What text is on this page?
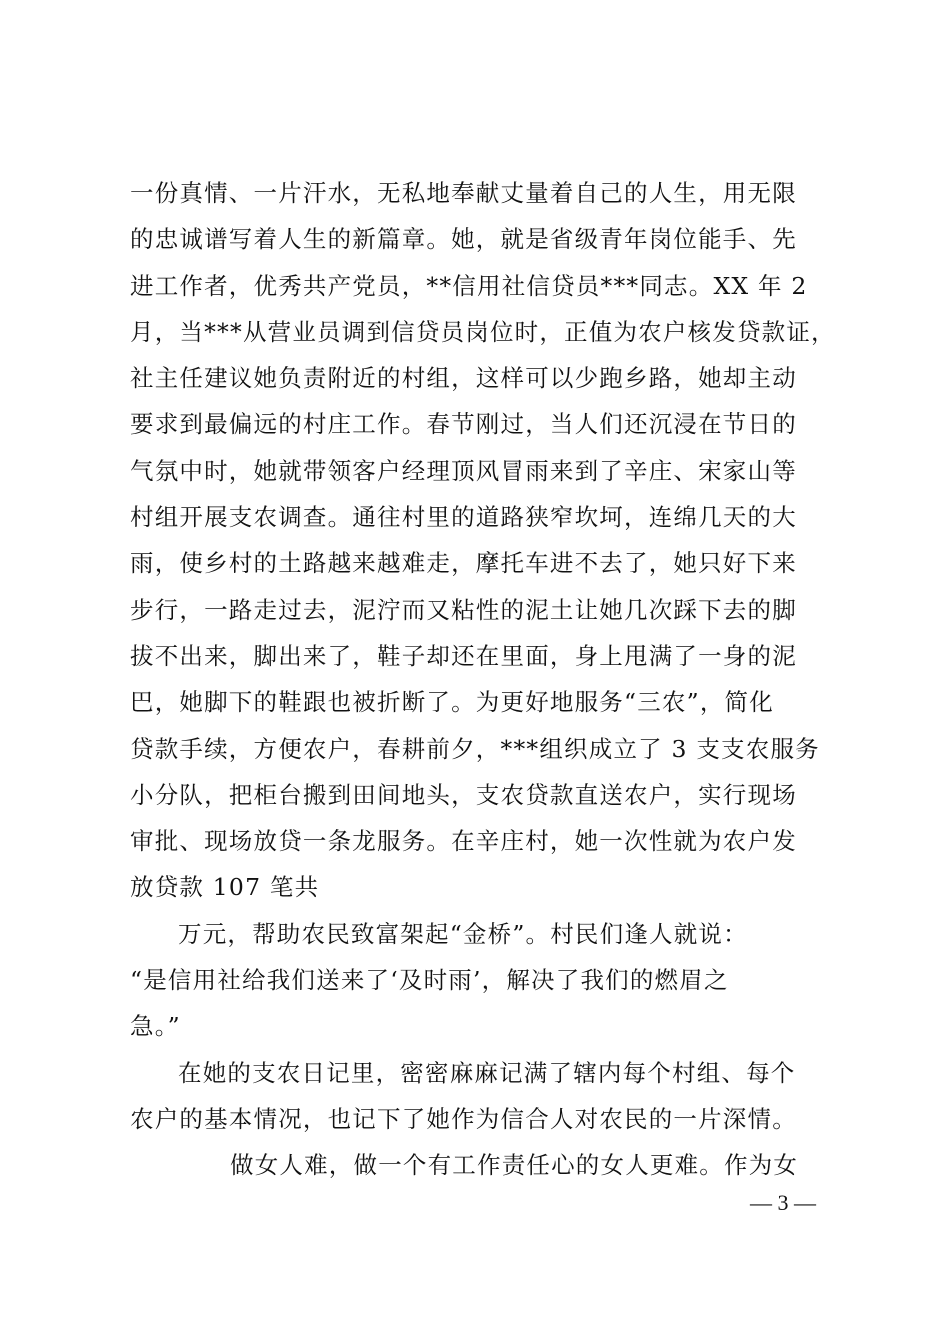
一份真情、一片汗水，无私地奉献丈量着自己的人生，用无限
的忠诚谱写着人生的新篇章。她，就是省级青年岗位能手、先
进工作者，优秀共产党员，**信用社信贷员***同志。XX 年 2
月，当***从营业员调到信贷员岗位时，正值为农户核发贷款证，
社主任建议她负责附近的村组，这样可以少跑乡路，她却主动
要求到最偏远的村庄工作。春节刚过，当人们还沉浸在节日的
气氛中时，她就带领客户经理顶风冒雨来到了辛庄、宋家山等
村组开展支农调查。通往村里的道路狭窄坎坷，连绵几天的大
雨，使乡村的土路越来越难走，摩托车进不去了，她只好下来
步行，一路走过去，泥泞而又粘性的泥土让她几次踩下去的脚
拔不出来，脚出来了，鞋子却还在里面，身上甩满了一身的泥
巴，她脚下的鞋跟也被折断了。为更好地服务“三农”，简化
贷款手续，方便农户，春耕前夕，***组织成立了 3 支支农服务
小分队，把柜台搬到田间地头，支农贷款直送农户，实行现场
审批、现场放贷一条龙服务。在辛庄村，她一次性就为农户发
放贷款 107 笔共
万元，帮助农民致富架起“金桥”。村民们逢人就说：
“是信用社给我们送来了‘及时雨’，解决了我们的燃眉之
急。”
在她的支农日记里，密密麻麻记满了辖内每个村组、每个
农户的基本情况，也记下了她作为信合人对农民的一片深情。
做女人难，做一个有工作责任心的女人更难。作为女
— 3 —
